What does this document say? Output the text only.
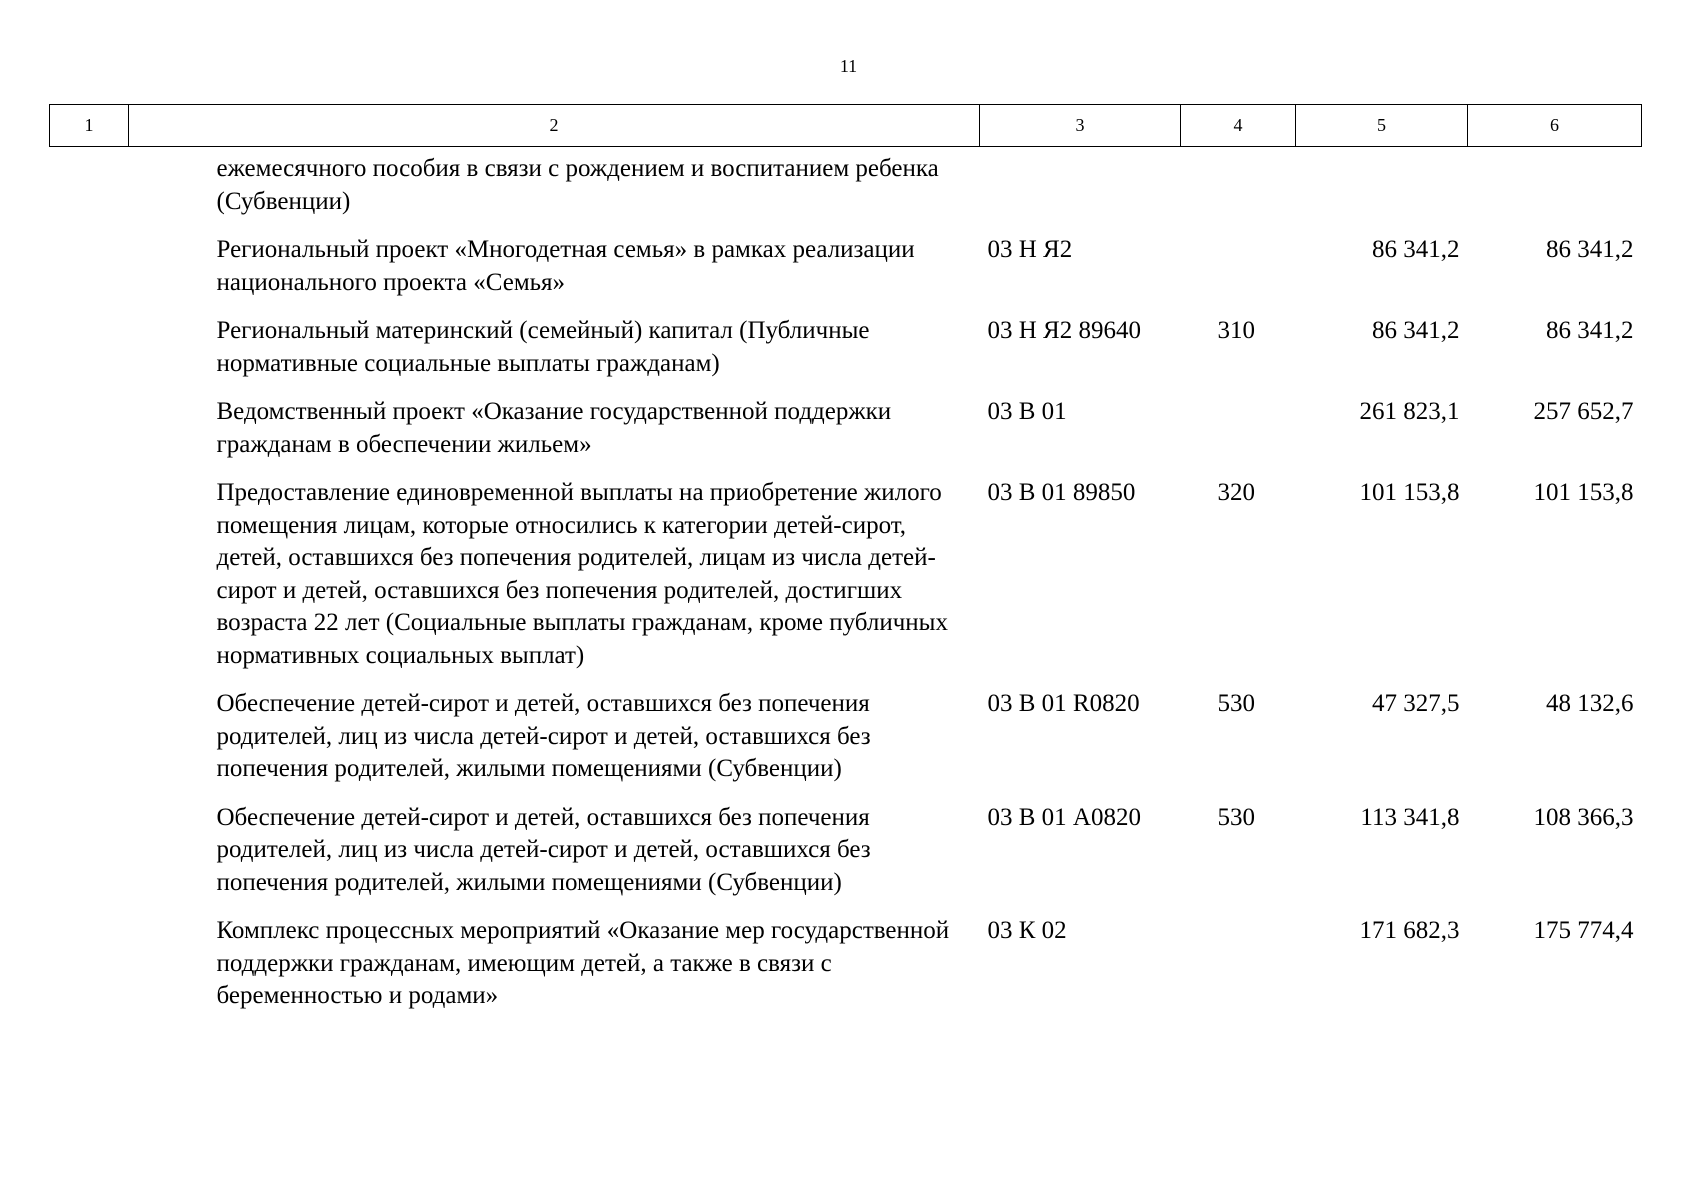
11
1	2	3	4	5	6
	ежемесячного пособия в связи с рождением и воспитанием ребенка (Субвенции)				
	Региональный проект «Многодетная семья» в рамках реализации национального проекта «Семья»	03 Н Я2		86 341,2	86 341,2
	Региональный материнский (семейный) капитал (Публичные нормативные социальные выплаты гражданам)	03 Н Я2 89640	310	86 341,2	86 341,2
	Ведомственный проект «Оказание государственной поддержки гражданам в обеспечении жильем»	03 В 01		261 823,1	257 652,7
	Предоставление единовременной выплаты на приобретение жилого помещения лицам, которые относились к категории детей-сирот, детей, оставшихся без попечения родителей, лицам из числа детей-сирот и детей, оставшихся без попечения родителей, достигших возраста 22 лет (Социальные выплаты гражданам, кроме публичных нормативных социальных выплат)	03 В 01 89850	320	101 153,8	101 153,8
	Обеспечение детей-сирот и детей, оставшихся без попечения родителей, лиц из числа детей-сирот и детей, оставшихся без попечения родителей, жилыми помещениями (Субвенции)	03 В 01 R0820	530	47 327,5	48 132,6
	Обеспечение детей-сирот и детей, оставшихся без попечения родителей, лиц из числа детей-сирот и детей, оставшихся без попечения родителей, жилыми помещениями (Субвенции)	03 В 01 А0820	530	113 341,8	108 366,3
	Комплекс процессных мероприятий «Оказание мер государственной поддержки гражданам, имеющим детей, а также в связи с беременностью и родами»	03 К 02		171 682,3	175 774,4
